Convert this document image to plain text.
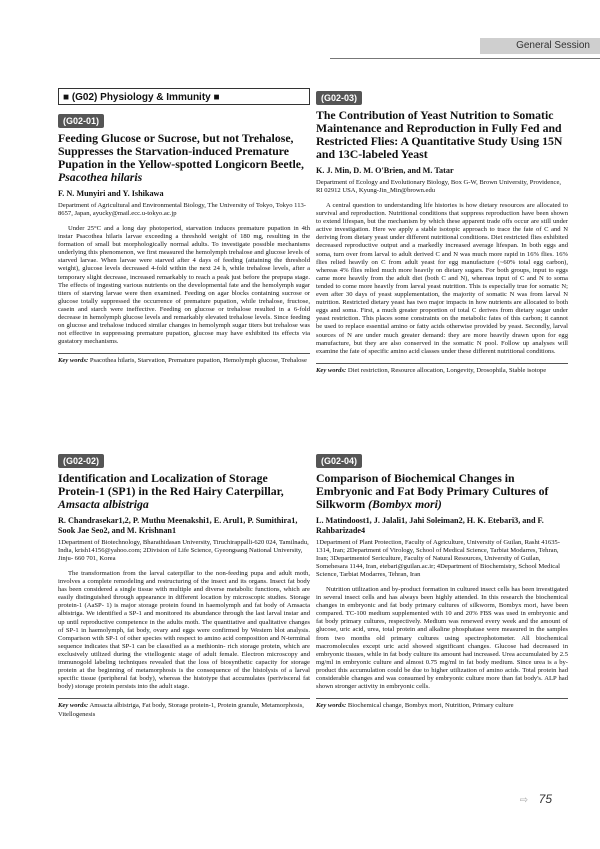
General Session
■ (G02) Physiology & Immunity ■
(G02-01)

Feeding Glucose or Sucrose, but not Trehalose, Suppresses the Starvation-induced Premature Pupation in the Yellow-spotted Longicorn Beetle, Psacothea hilaris

F. N. Munyiri and Y. Ishikawa
Department of Agricultural and Environmental Biology, The University of Tokyo, Tokyo 113-8657, Japan, ayucky@mail.ecc.u-tokyo.ac.jp

Under 25°C and a long day photoperiod, starvation induces premature pupation in 4th instar Psacothea hilaris larvae exceeding a threshold weight of 180 mg, resulting in the formation of small but morphologically normal adults. To investigate possible mechanisms underlying this phenomenon, we first measured the hemolymph trehalose and glucose levels of starved larvae. When larvae were starved after 4 days of feeding (attaining the threshold weight), glucose levels decreased 4-fold within the next 24 h, while trehalose levels, after a temporary slight decrease, increased remarkably to reach a peak just before the prepupa stage. The effects of ingesting various nutrients on the developmental fate and the hemolymph sugar titers of starving larvae were then examined. Feeding on agar blocks containing sucrose or glucose totally suppressed the occurrence of premature pupation, while trehalose, fructose, casein and starch were ineffective. Feeding on glucose or trehalose resulted in a 6-fold decrease in hemolymph glucose levels and remarkably elevated trehalose levels. Since feeding on glucose and trehalose induced similar changes in hemolymph sugar titers but trehalose was not effective in suppressing premature pupation, glucose may have exhibited its effects via gustatory mechanisms.

Key words: Psacothea hilaris, Starvation, Premature pupation, Hemolymph glucose, Trehalose
(G02-02)

Identification and Localization of Storage Protein-1 (SP1) in the Red Hairy Caterpillar, Amsacta albistriga

R. Chandrasekar1,2, P. Muthu Meenakshi1, E. Arul1, P. Sumithira1, Sook Jae Seo2, and M. Krishnan1
1Department of Biotechnology, Bharathidasan University, Tiruchirappalli-620 024, Tamilnadu, India, krish14156@yahoo.com; 2Division of Life Science, Gyeongsang National University, Jinju- 660 701, Korea

The transformation from the larval caterpillar to the non-feeding pupa and adult moth, involves a complete remodeling and restructuring of the insect and its organs. Insect fat body has been considered a single tissue with multiple and diverse metabolic functions, which are easily distinguished through appearance in different location by microscopic studies. Storage protein-1 (AaSP- 1) is major storage protein found in haemolymph and fat body of Amsacta albistriga. We identified a SP-1 and monitored its abundance through the last larval instar and up until reproductive competence in the adults moth. The quantitative and qualitative changes of SP-1 in haemolymph, fat body, ovary and eggs were confirmed by Western blot analysis. Comparison with SP-1 of other species with respect to amino acid composition and N-terminal sequence indicates that SP-1 can be classified as a methionin- rich storage protein, which are exclusively utilized during the vitellogenic stage of adult female. Electron microscopy and immunogold labeling techniques revealed that the loss of biosynthetic capacity for storage protein at the beginning of metamorphosis is the consequence of the histolysis of a larval specific tissue (peripheral fat body), whereas the histotype that accumulates (perivisceral fat body) storage protein persists into the adult stage.

Key words: Amsacta albistriga, Fat body, Storage protein-1, Protein granule, Metamorphosis, Vitellogenesis
(G02-03)

The Contribution of Yeast Nutrition to Somatic Maintenance and Reproduction in Fully Fed and Restricted Flies: A Quantitative Study Using 15N and 13C-labeled Yeast

K. J. Min, D. M. O'Brien, and M. Tatar
Department of Ecology and Evolutionary Biology, Box G-W, Brown University, Providence, RI 02912 USA, Kyung-Jin_Min@brown.edu

A central question to understanding life histories is how dietary resources are allocated to survival and reproduction. Nutritional conditions that suppress reproduction have been shown to extend lifespan, but the mechanism by which these apparent trade offs occur are still under active investigation. Here we apply a stable isotopic approach to trace the fate of C and N deriving from dietary yeast under different nutritional conditions. Diet restricted flies exhibited decreased reproductive output and a markedly increased average lifespan. In both eggs and soma, turn over from larval to adult derived C and N was much more rapid in 16% flies. 16% flies relied heavily on C from adult yeast for egg manufacture (~60% total egg carbon), whereas 4% flies relied much more heavily on dietary sugars. For both groups, input to eggs came more heavily from the adult diet (both C and N), whereas input of C and N to soma tended to come more heavily from larval yeast nutrition. This is especially true for somatic N; even after 30 days of yeast supplementation, the majority of somatic N was from larval N nutrition. Restricted dietary yeast has two major impacts in how nutrients are allocated to both eggs and soma. First, a much greater proportion of total C derives from dietary sugar under yeast restriction. This places some constraints on the metabolic fates of this carbon; it cannot be used to replace essential amino or fatty acids otherwise provided by yeast. Secondly, larval sources of N are under much greater demand: they are more heavily drawn upon for egg manufacture, but they are also conserved in the somatic N pool. Follow up analyses will examine the fate of specific amino acid classes under these different nutritional conditions.

Key words: Diet restriction, Resource allocation, Longevity, Drosophila, Stable isotope
(G02-04)

Comparison of Biochemical Changes in Embryonic and Fat Body Primary Cultures of Silkworm (Bombyx mori)

L. Matindoost1, J. Jalali1, Jahi Soleiman2, H. K. Etebari3, and F. Rahbarizade4
1Department of Plant Protection, Faculty of Agriculture, University of Guilan, Rasht 41635-1314, Iran; 2Department of Virology, School of Medical Science, Tarbiat Modarres, Tehran, Iran; 3Departmentof Sericulture, Faculty of Natural Resources, University of Guilan, Somehesara 1144, Iran, etebari@guilan.ac.ir; 4Department of Biochemistry, School Medical Science, Tarbiat Modarres, Tehran, Iran

Nutrition utilization and by-product formation in cultured insect cells has been investigated in several insect cells and has always been highly attended. In this research the biochemical changes in embryonic and fat body primary cultures of silkworm, Bombyx mori, have been compared. TC-100 medium supplemented with 10 and 20% FBS was used in embryonic and fat body primary cultures, respectively. Medium was renewed every week and the amount of glucose, uric acid, urea, total protein and alkaline phosphatase were measured in the samples from two months old primary cultures using spectrophotometer. All biochemical macromolecules except uric acid showed significant changes. Glucose had decreased in embryonic tissues, while in fat body culture its amount had increased. Urea accumulated by 2.5 mg/ml in embryonic culture and almost 0.75 mg/ml in fat body medium. Since urea is a by-product this accumulation could be due to higher utilization of amino acids. Total protein had considerable changes and was consumed by embryonic culture more than fat body's. ALP had shown stronger activity in embryonic cells.

Key words: Biochemical change, Bombyx mori, Nutrition, Primary culture
⇨ 75
